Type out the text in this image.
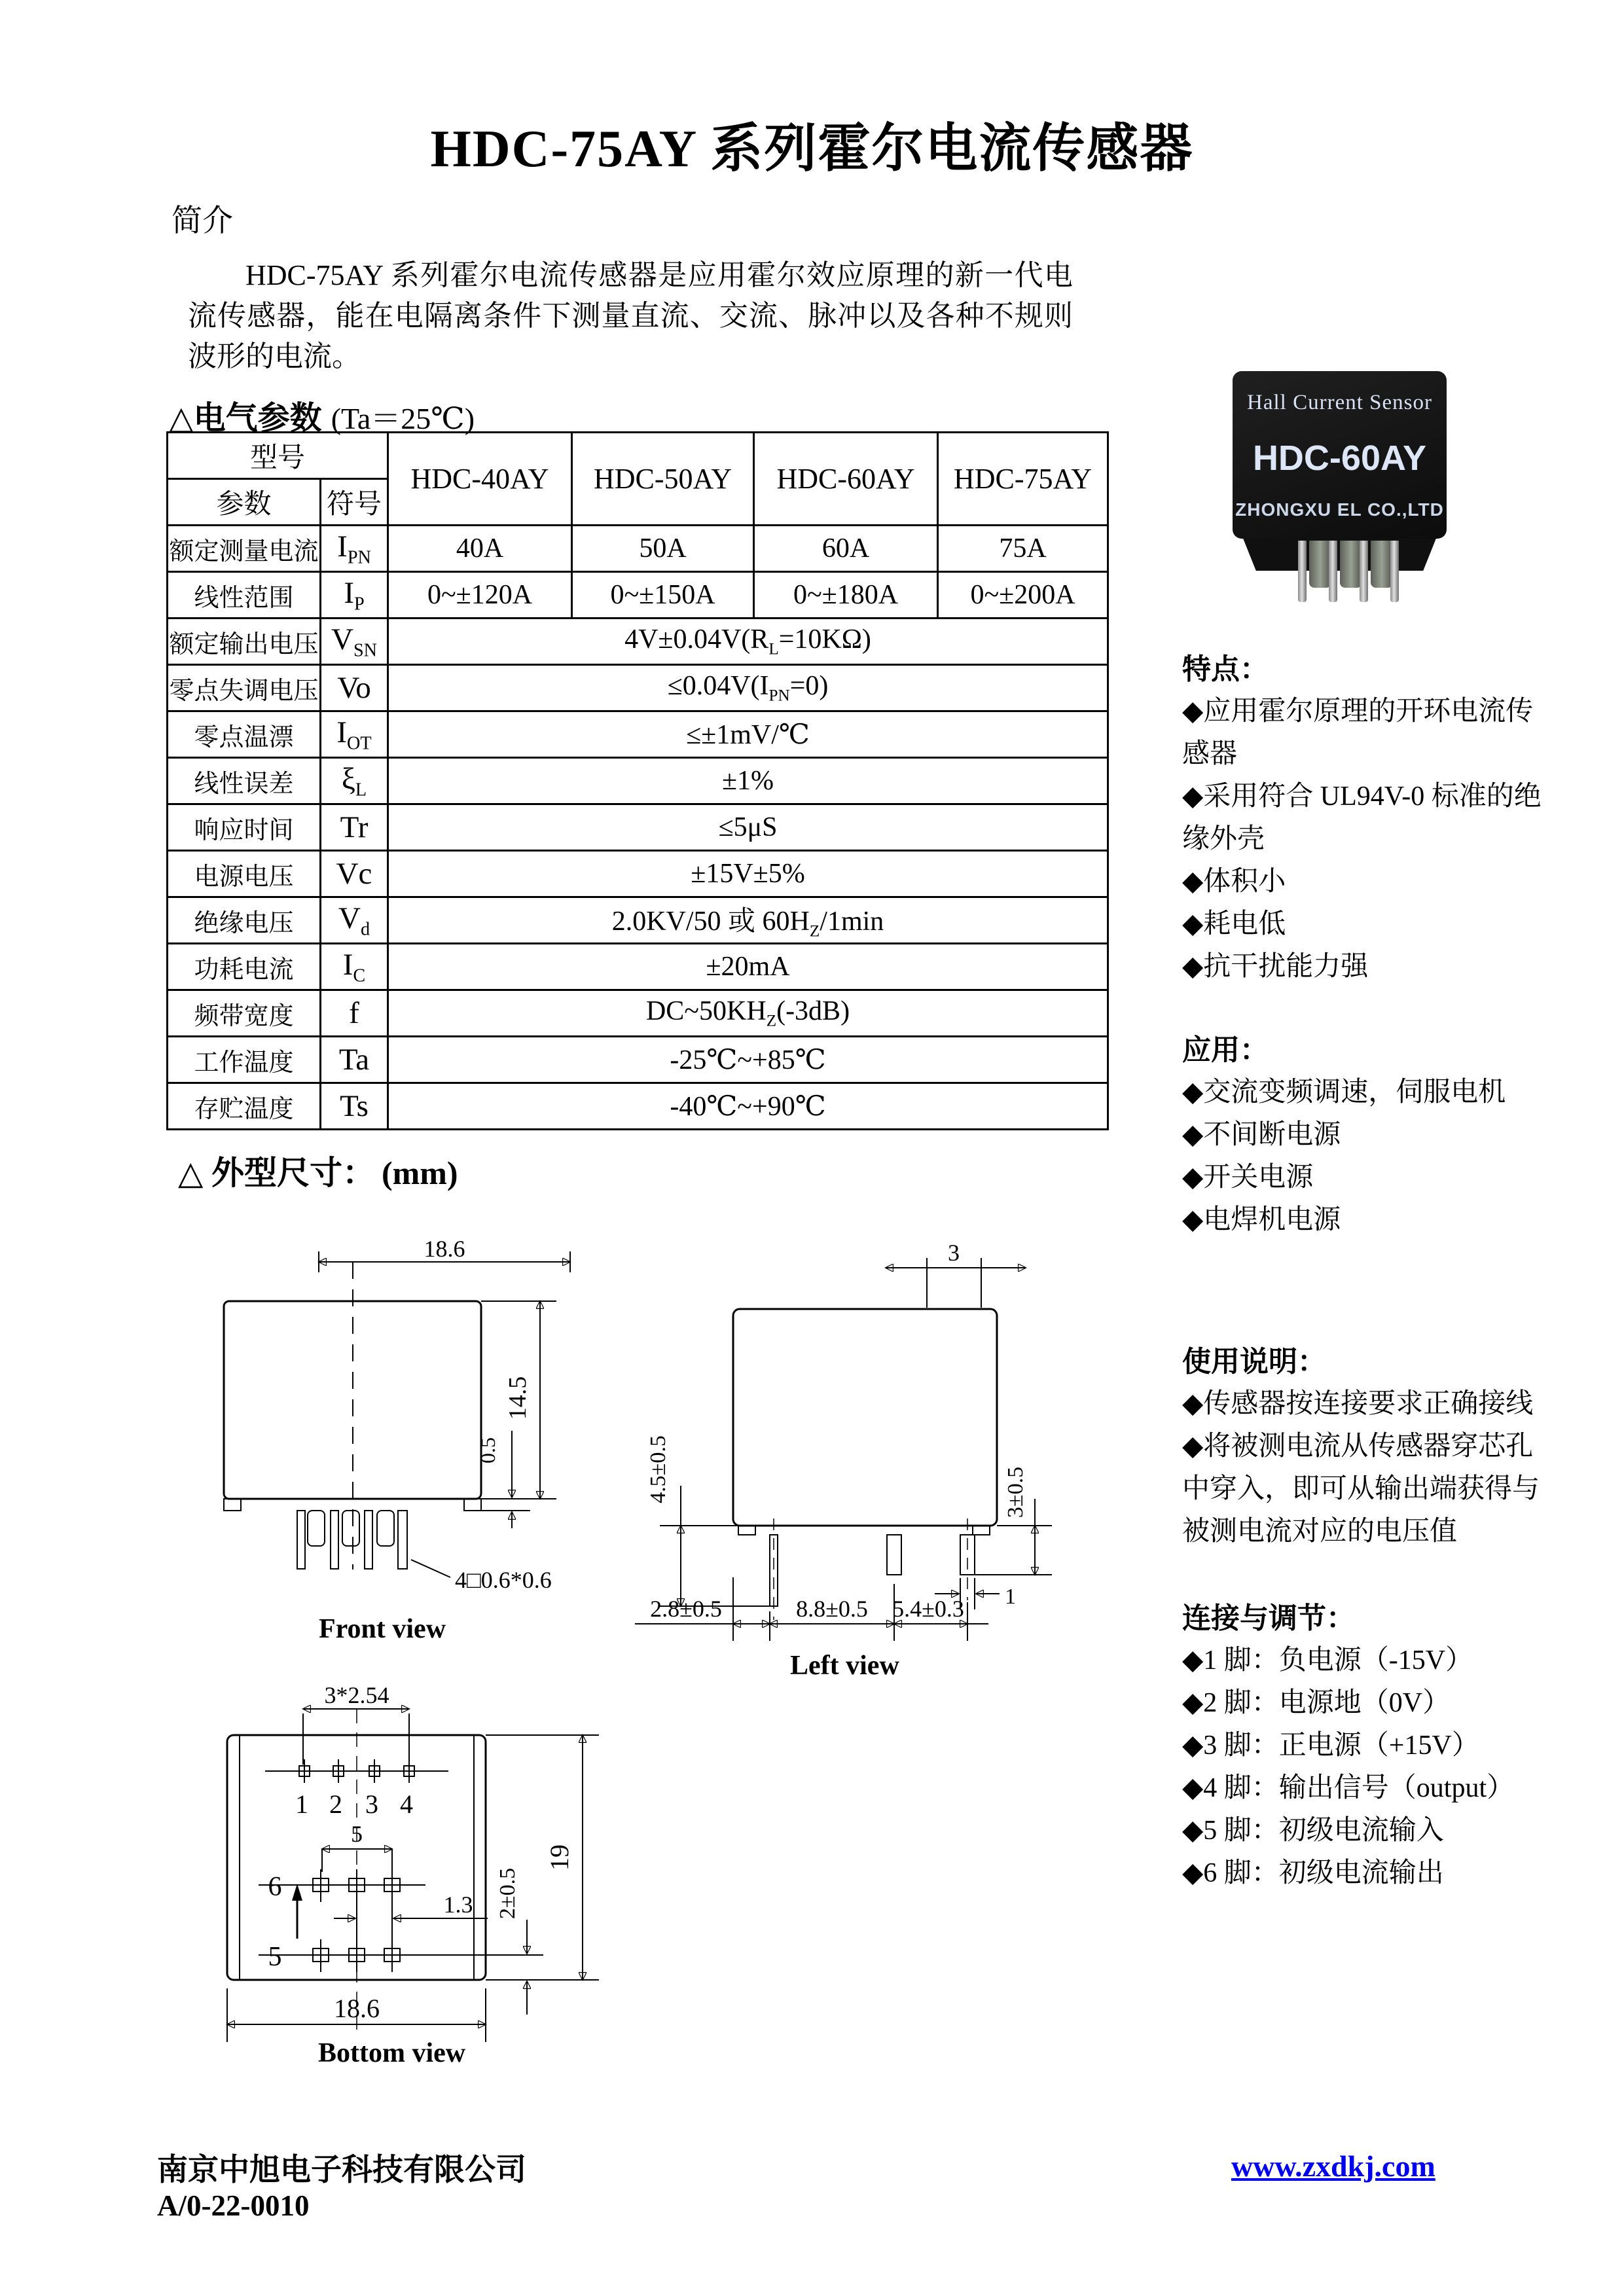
HDC-75AY 系列霍尔电流传感器
简介
HDC-75AY 系列霍尔电流传感器是应用霍尔效应原理的新一代电流传感器，能在电隔离条件下测量直流、交流、脉冲以及各种不规则波形的电流。
△电气参数 (Ta＝25℃)
型号		HDC-40AY	HDC-50AY	HDC-60AY	HDC-75AY
参数	符号				
额定测量电流	$I_{PN}$	40A	50A	60A	75A
线性范围	$I_P$	0~±120A	0~±150A	0~±180A	0~±200A
额定输出电压	$V_{SN}$	$4V\pm 0.04V(R_L=10K\Omega)$			
零点失调电压	Vo	$\le 0.04V(I_{PN}=0)$			
零点温漂	$I_{OT}$	≤±1mV/℃			
线性误差	$\xi_L$	±1%			
响应时间	Tr	≤5μS			
电源电压	Vc	±15V±5%			
绝缘电压	$V_d$	2.0KV/50 或 $60H_Z/1\min$			
功耗电流	$I_C$	±20mA			
频带宽度	f	$DC\sim 50KH_Z(-3dB)$			
工作温度	Ta	-25℃~+85℃			
存贮温度	Ts	-40℃~+90℃			
Hall Current Sensor
HDC-60AY
ZHONGXU EL CO.,LTD
特点：
◆应用霍尔原理的开环电流传感器
◆采用符合 UL94V-0 标准的绝缘外壳
◆体积小
◆耗电低
◆抗干扰能力强
应用：
◆交流变频调速，伺服电机
◆不间断电源
◆开关电源
◆电焊机电源
使用说明：
◆传感器按连接要求正确接线
◆将被测电流从传感器穿芯孔中穿入，即可从输出端获得与被测电流对应的电压值
连接与调节：
◆1 脚：负电源（-15V）
◆2 脚：电源地（0V）
◆3 脚：正电源（+15V）
◆4 脚：输出信号（output）
◆5 脚：初级电流输入
◆6 脚：初级电流输出
△ 外型尺寸： (mm)
18.6
0.5
14.5
4□0.6*0.6
Front view
3
4.5±0.5	3±0.5
1
2.8±0.5	8.8±0.5 5.4±0.3
Left view
3*2.54
1 2 3 4
5
6
1.3
5
2±0.5
19
18.6
Bottom view
南京中旭电子科技有限公司
A/0-22-0010
www.zxdkj.com
